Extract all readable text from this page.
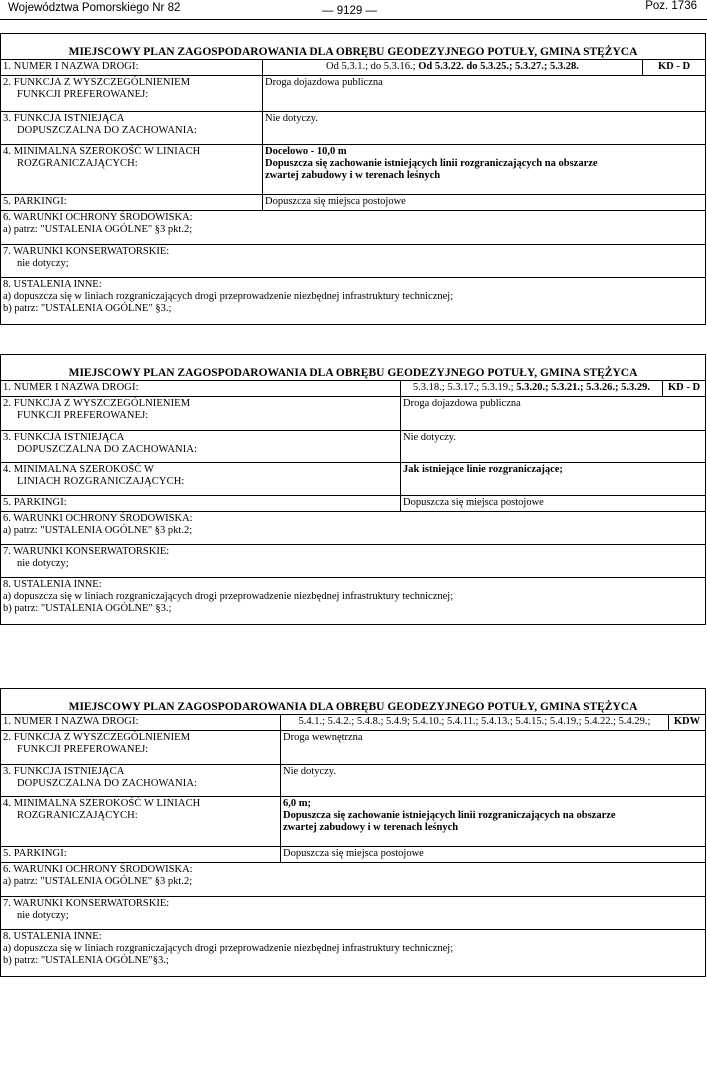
Województwa Pomorskiego Nr 82	— 9129 —	Poz. 1736
MIEJSCOWY PLAN ZAGOSPODAROWANIA DLA OBRĘBU GEODEZYJNEGO POTUŁY, GMINA STĘŻYCA		
1. NUMER I NAZWA DROGI:	Od 5.3.1.; do 5.3.16.; Od 5.3.22. do 5.3.25.; 5.3.27.; 5.3.28.	KD - D

2. FUNKCJA Z WYSZCZEGÓLNIENIEM
FUNKCJI PREFEROWANEJ:	Droga dojazdowa publiczna	

3. FUNKCJA ISTNIEJĄCA
DOPUSZCZALNA DO ZACHOWANIA:	Nie dotyczy.	

4. MINIMALNA SZEROKOŚĆ W LINIACH
ROZGRANICZAJĄCYCH:	Docelowo - 10,0 m
Dopuszcza się zachowanie istniejących linii rozgraniczających na obszarze
zwartej zabudowy i w terenach leśnych	

5. PARKINGI:	Dopuszcza się miejsca postojowe	

6. WARUNKI OCHRONY ŚRODOWISKA:
a) patrz: "USTALENIA OGÓLNE" §3 pkt.2;		

7. WARUNKI KONSERWATORSKIE:
nie dotyczy;		

8. USTALENIA INNE:
a) dopuszcza się w liniach rozgraniczających drogi przeprowadzenie niezbędnej infrastruktury technicznej;
b) patrz: "USTALENIA OGÓLNE" §3.;		
MIEJSCOWY PLAN ZAGOSPODAROWANIA DLA OBRĘBU GEODEZYJNEGO POTUŁY, GMINA STĘŻYCA		
1. NUMER I NAZWA DROGI:	5.3.18.; 5.3.17.; 5.3.19.; 5.3.20.; 5.3.21.; 5.3.26.; 5.3.29.	KD - D

2. FUNKCJA Z WYSZCZEGÓLNIENIEM
FUNKCJI PREFEROWANEJ:	Droga dojazdowa publiczna	

3. FUNKCJA ISTNIEJĄCA
DOPUSZCZALNA DO ZACHOWANIA:	Nie dotyczy.	

4. MINIMALNA SZEROKOŚĆ W
LINIACH ROZGRANICZAJĄCYCH:	Jak istniejące linie rozgraniczające;	
5. PARKINGI:	Dopuszcza się miejsca postojowe	

6. WARUNKI OCHRONY ŚRODOWISKA:
a) patrz: "USTALENIA OGÓLNE" §3 pkt.2;		

7. WARUNKI KONSERWATORSKIE:
nie dotyczy;		

8. USTALENIA INNE:
a) dopuszcza się w liniach rozgraniczających drogi przeprowadzenie niezbędnej infrastruktury technicznej;
b) patrz: "USTALENIA OGÓLNE" §3.;		
MIEJSCOWY PLAN ZAGOSPODAROWANIA DLA OBRĘBU GEODEZYJNEGO POTUŁY, GMINA STĘŻYCA		
1. NUMER I NAZWA DROGI:	5.4.1.; 5.4.2.; 5.4.8.; 5.4.9; 5.4.10.; 5.4.11.; 5.4.13.; 5.4.15.; 5.4.19.; 5.4.22.; 5.4.29.;	KDW

2. FUNKCJA Z WYSZCZEGÓLNIENIEM
FUNKCJI PREFEROWANEJ:	Droga wewnętrzna	

3. FUNKCJA ISTNIEJĄCA
DOPUSZCZALNA DO ZACHOWANIA:	Nie dotyczy.	

4. MINIMALNA SZEROKOŚĆ W LINIACH
ROZGRANICZAJĄCYCH:	6,0 m;
Dopuszcza się zachowanie istniejących linii rozgraniczających na obszarze
zwartej zabudowy i w terenach leśnych	

5. PARKINGI:	Dopuszcza się miejsca postojowe	

6. WARUNKI OCHRONY ŚRODOWISKA:
a) patrz: "USTALENIA OGÓLNE" §3 pkt.2;		

7. WARUNKI KONSERWATORSKIE:
nie dotyczy;		

8. USTALENIA INNE:
a) dopuszcza się w liniach rozgraniczających drogi przeprowadzenie niezbędnej infrastruktury technicznej;
b) patrz: "USTALENIA OGÓLNE"§3.;		
